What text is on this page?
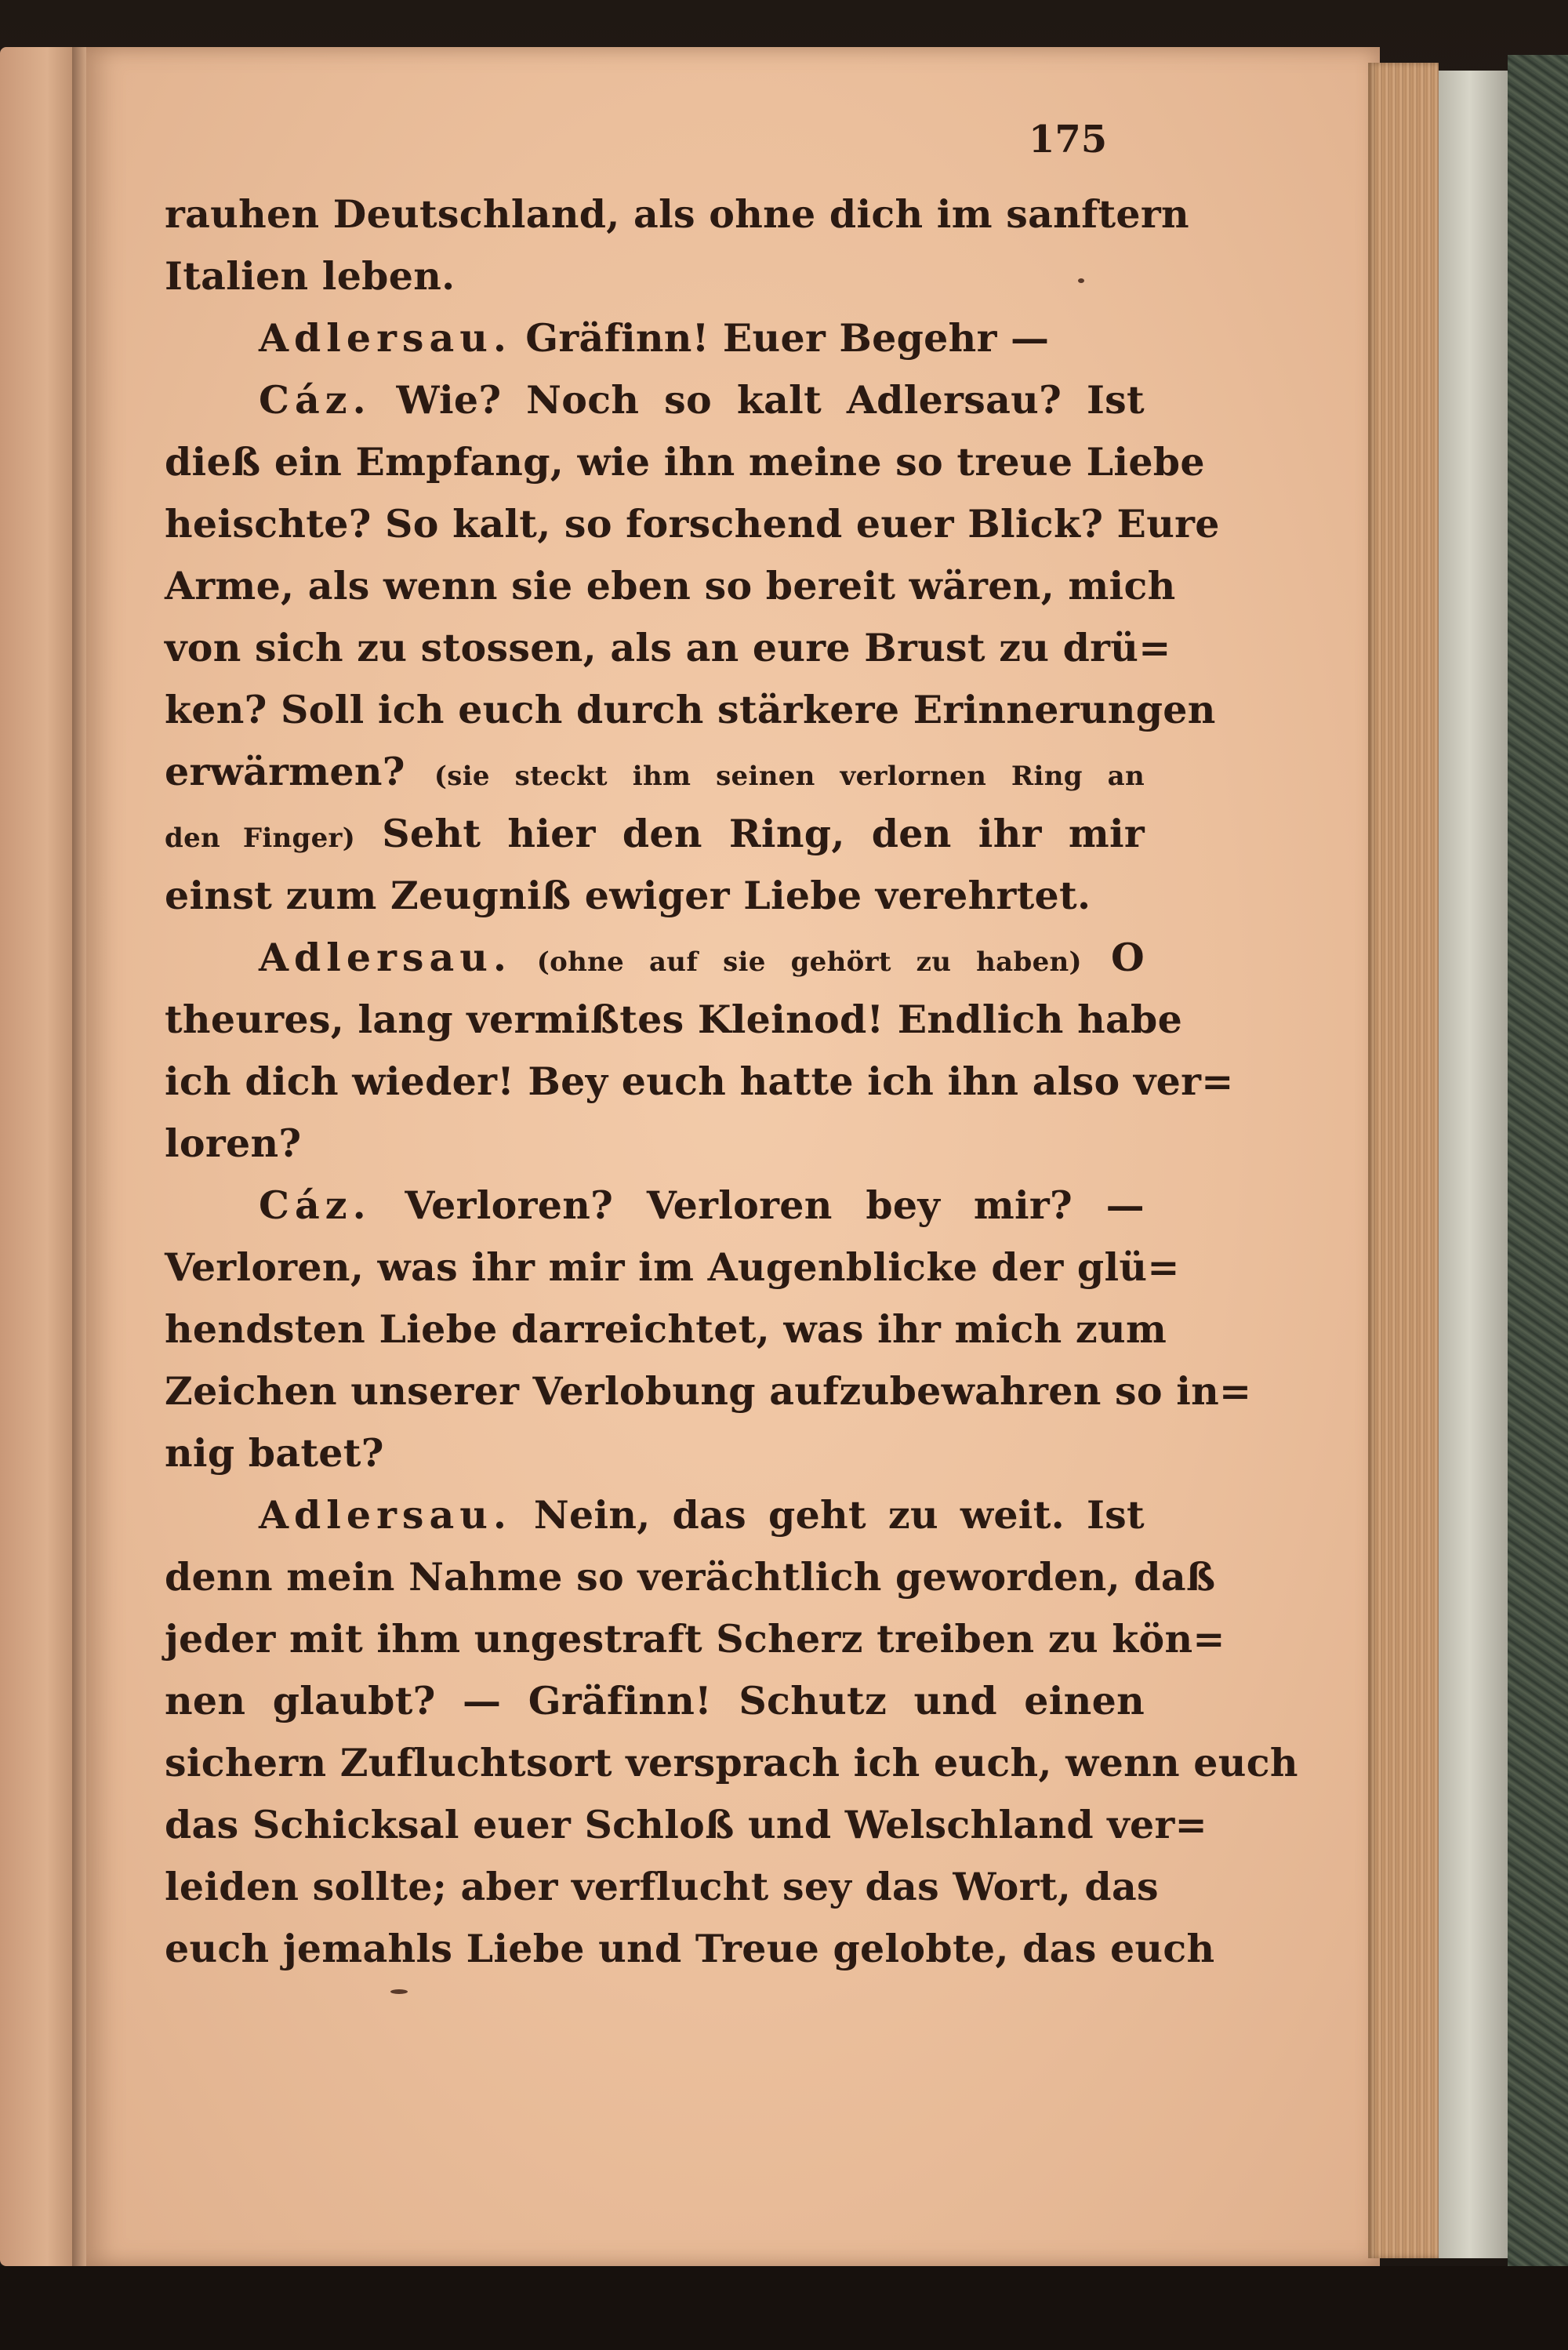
175
rauhen Deutschland, als ohne dich im sanftern
Italien leben.
Adlersau. Gräfinn! Euer Begehr —
Cáz. Wie? Noch so kalt Adlersau? Ist
dieß ein Empfang, wie ihn meine so treue Liebe
heischte? So kalt, so forschend euer Blick? Eure
Arme, als wenn sie eben so bereit wären, mich
von sich zu stossen, als an eure Brust zu drü=
ken? Soll ich euch durch stärkere Erinnerungen
erwärmen? (sie steckt ihm seinen verlornen Ring an
den Finger) Seht hier den Ring, den ihr mir
einst zum Zeugniß ewiger Liebe verehrtet.
Adlersau. (ohne auf sie gehört zu haben) O
theures, lang vermißtes Kleinod! Endlich habe
ich dich wieder! Bey euch hatte ich ihn also ver=
loren?
Cáz. Verloren? Verloren bey mir? —
Verloren, was ihr mir im Augenblicke der glü=
hendsten Liebe darreichtet, was ihr mich zum
Zeichen unserer Verlobung aufzubewahren so in=
nig batet?
Adlersau. Nein, das geht zu weit. Ist
denn mein Nahme so verächtlich geworden, daß
jeder mit ihm ungestraft Scherz treiben zu kön=
nen glaubt? — Gräfinn! Schutz und einen
sichern Zufluchtsort versprach ich euch, wenn euch
das Schicksal euer Schloß und Welschland ver=
leiden sollte; aber verflucht sey das Wort, das
euch jemahls Liebe und Treue gelobte, das euch
